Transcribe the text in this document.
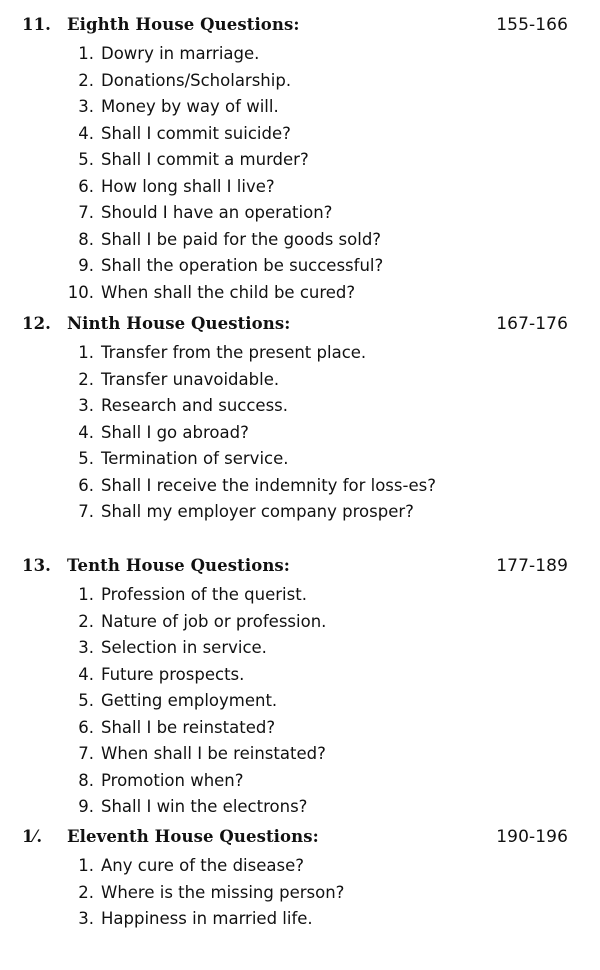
11. Eighth House Questions:	155-166
1. Dowry in marriage.
2. Donations/Scholarship.
3. Money by way of will.
4. Shall I commit suicide?
5. Shall I commit a murder?
6. How long shall I live?
7. Should I have an operation?
8. Shall I be paid for the goods sold?
9. Shall the operation be successful?
10. When shall the child be cured?
12. Ninth House Questions:	167-176
1. Transfer from the present place.
2. Transfer unavoidable.
3. Research and success.
4. Shall I go abroad?
5. Termination of service.
6. Shall I receive the indemnity for loss-es?
7. Shall my employer company prosper?
13. Tenth House Questions:	177-189
1. Profession of the querist.
2. Nature of job or profession.
3. Selection in service.
4. Future prospects.
5. Getting employment.
6. Shall I be reinstated?
7. When shall I be reinstated?
8. Promotion when?
9. Shall I win the electrons?
1⁄.	Eleventh House Questions:	190-196
1. Any cure of the disease?
2. Where is the missing person?
3. Happiness in married life.
